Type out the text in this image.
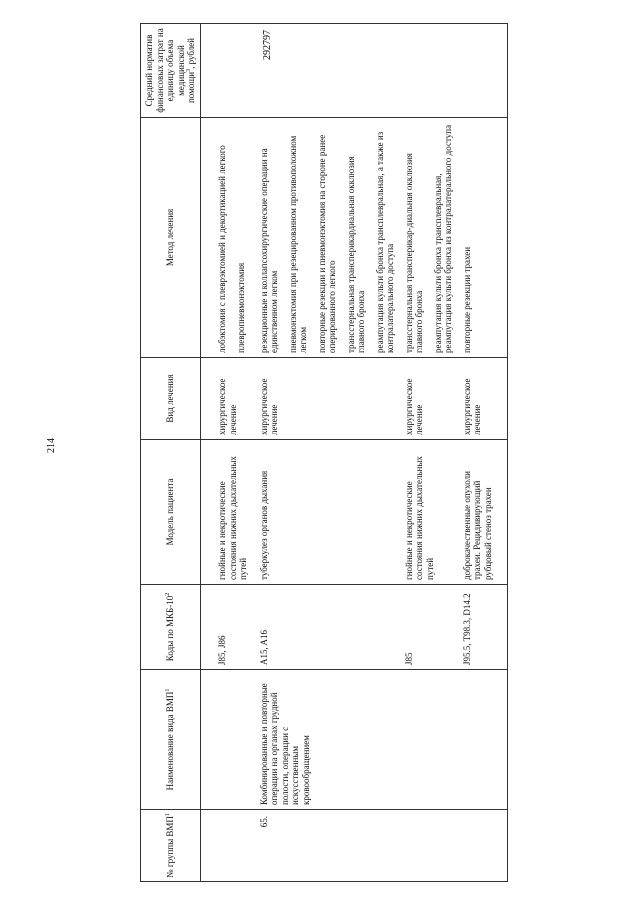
214
№ группы ВМП$^1$	Наименование вида ВМП$^1$	Коды по МКБ-$10^2$	Модель пациента	Вид лечения	Метод лечения	Средний норматив финансовых затрат на единицу объема медицинской помощи$^3$, рублей
		J85, J86	гнойные и некротические состояния нижних дыхательных путей	хирургическое лечение	лобэктомия с плеврэктомией и декортикацией легкого плевропневмонэктомия	

65.	Комбинированные и повторные операции на органах грудной полости, операции с искусственным кровообращением	A15, A16	туберкулез органов дыхания	хирургическое лечение	резекционные и коллапсохирургические операции на единственном легком пневмонэктомия при резецированном противоположном легком повторные резекции и пневмонэктомия на стороне ранее оперированного легкого трансстернальная трансперикардиальная окклюзия главного бронха реампутация культи бронха трансплевральная, а также из контралатерального доступа	292797
		J85	гнойные и некротические состояния нижних дыхательных путей	хирургическое лечение	трансстернальная трансперикар-диальная окклюзия главного бронха реампутация культи бронха трансплевральная, реампутация культи бронха из контралатерального доступа	

		J95.5, T98.3, D14.2	доброкачественные опухоли трахеи. Рецидивирующий рубцовый стеноз трахеи	хирургическое лечение	повторные резекции трахеи	
